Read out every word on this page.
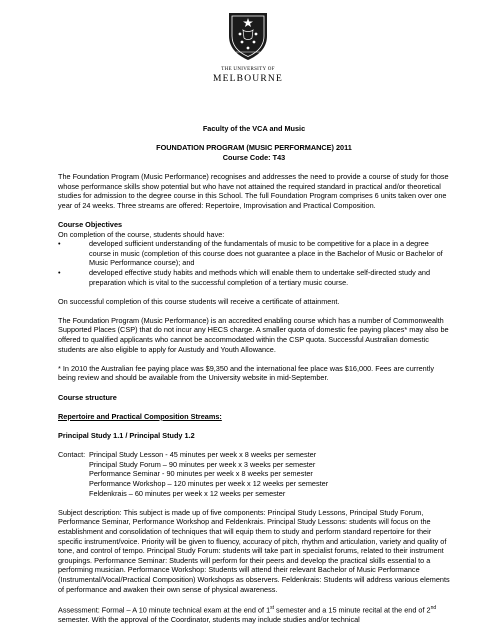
THE UNIVERSITY OF
MELBOURNE

Faculty of the VCA and Music

FOUNDATION PROGRAM (MUSIC PERFORMANCE) 2011

Course Code: T43

The Foundation Program (Music Performance) recognises and addresses the need to provide a course of study for those whose performance skills show potential but who have not attained the required standard in practical and/or theoretical studies for admission to the degree course in this School. The full Foundation Program comprises 6 units taken over one year of 24 weeks. Three streams are offered: Repertoire, Improvisation and Practical Composition.

Course Objectives

On completion of the course, students should have:

•	developed sufficient understanding of the fundamentals of music to be competitive for a place in a degree course in music (completion of this course does not guarantee a place in the Bachelor of Music or Bachelor of Music Performance course); and
•	developed effective study habits and methods which will enable them to undertake self-directed study and preparation which is vital to the successful completion of a tertiary music course.

On successful completion of this course students will receive a certificate of attainment.

The Foundation Program (Music Performance) is an accredited enabling course which has a number of Commonwealth Supported Places (CSP) that do not incur any HECS charge. A smaller quota of domestic fee paying places* may also be offered to qualified applicants who cannot be accommodated within the CSP quota. Successful Australian domestic students are also eligible to apply for Austudy and Youth Allowance.

* In 2010 the Australian fee paying place was $9,350 and the international fee place was $16,000. Fees are currently being review and should be available from the University website in mid-September.

Course structure

Repertoire and Practical Composition Streams:

Principal Study 1.1 / Principal Study 1.2

Contact: Principal Study Lesson - 45 minutes per week x 8 weeks per semester

Principal Study Forum – 90 minutes per week x 3 weeks per semester

Performance Seminar - 90 minutes per week x 8 weeks per semester

Performance Workshop – 120 minutes per week x 12 weeks per semester

Feldenkrais – 60 minutes per week x 12 weeks per semester

Subject description: This subject is made up of five components: Principal Study Lessons, Principal Study Forum, Performance Seminar, Performance Workshop and Feldenkrais. Principal Study Lessons: students will focus on the establishment and consolidation of techniques that will equip them to study and perform standard repertoire for their specific instrument/voice. Priority will be given to fluency, accuracy of pitch, rhythm and articulation, variety and quality of tone, and control of tempo. Principal Study Forum: students will take part in specialist forums, related to their instrument groupings. Performance Seminar: Students will perform for their peers and develop the practical skills essential to a performing musician. Performance Workshop: Students will attend their relevant Bachelor of Music Performance (Instrumental/Vocal/Practical Composition) Workshops as observers. Feldenkrais: Students will address various elements of performance and awaken their own sense of physical awareness.

Assessment: Formal – A 10 minute technical exam at the end of 1st semester and a 15 minute recital at the end of 2nd semester. With the approval of the Coordinator, students may include studies and/or technical
